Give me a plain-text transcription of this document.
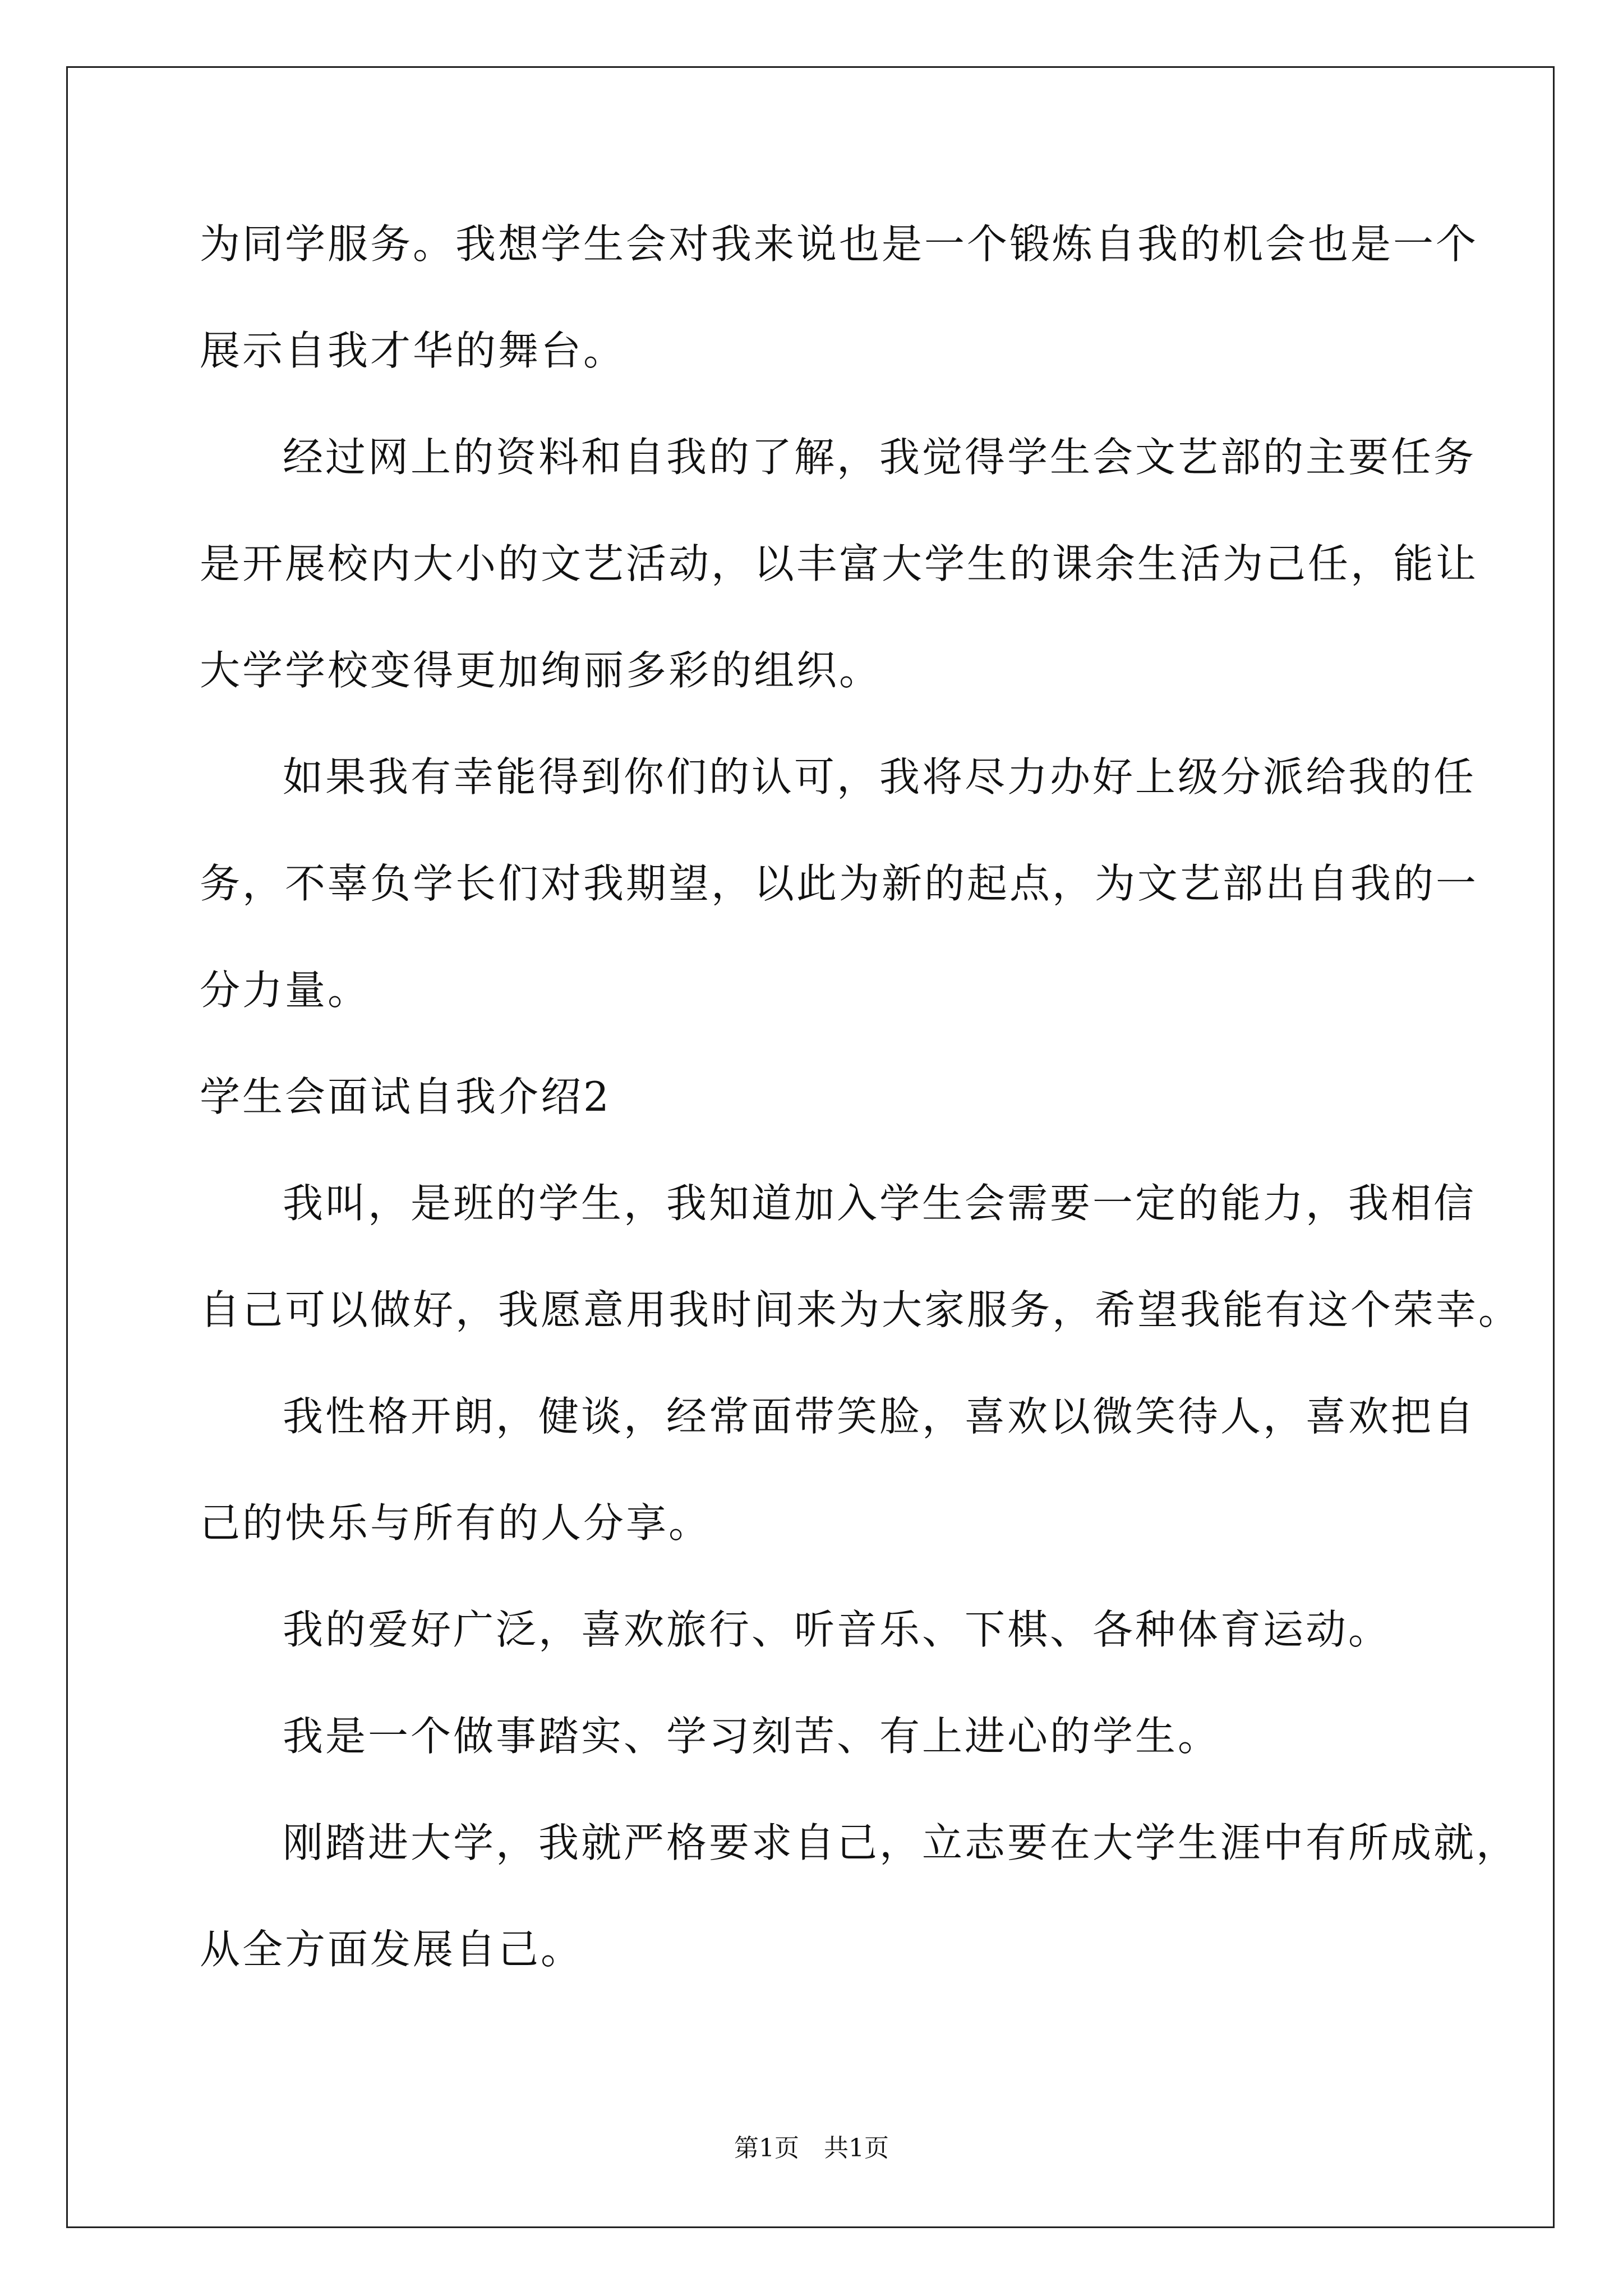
为同学服务。我想学生会对我来说也是一个锻炼自我的机会也是一个
展示自我才华的舞台。
经过网上的资料和自我的了解，我觉得学生会文艺部的主要任务
是开展校内大小的文艺活动，以丰富大学生的课余生活为己任，能让
大学学校变得更加绚丽多彩的组织。
如果我有幸能得到你们的认可，我将尽力办好上级分派给我的任
务，不辜负学长们对我期望，以此为新的起点，为文艺部出自我的一
分力量。
学生会面试自我介绍2
我叫，是班的学生，我知道加入学生会需要一定的能力，我相信
自己可以做好，我愿意用我时间来为大家服务，希望我能有这个荣幸。
我性格开朗，健谈，经常面带笑脸，喜欢以微笑待人，喜欢把自
己的快乐与所有的人分享。
我的爱好广泛，喜欢旅行、听音乐、下棋、各种体育运动。
我是一个做事踏实、学习刻苦、有上进心的学生。
刚踏进大学，我就严格要求自己，立志要在大学生涯中有所成就，
从全方面发展自己。
第1页　共1页
